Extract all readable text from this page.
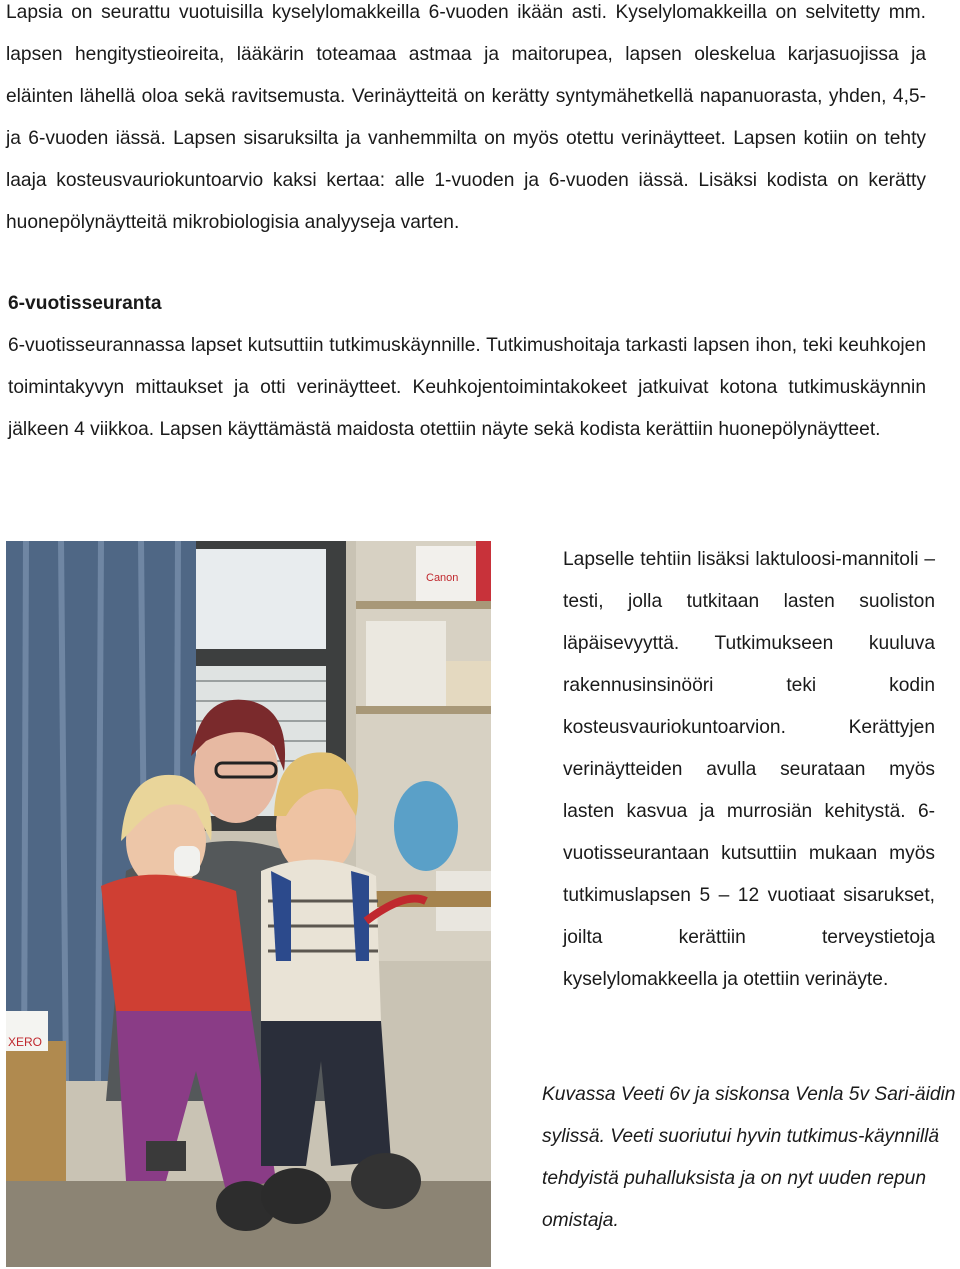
Lapsia on seurattu vuotuisilla kyselylomakkeilla 6-vuoden ikään asti. Kyselylomakkeilla on selvitetty mm. lapsen hengitystieoireita, lääkärin toteamaa astmaa ja maitorupea, lapsen oleskelua karjasuojissa ja eläinten lähellä oloa sekä ravitsemusta. Verinäytteitä on kerätty syntymähetkellä napanuorasta, yhden, 4,5- ja 6-vuoden iässä. Lapsen sisaruksilta ja vanhemmilta on myös otettu verinäytteet. Lapsen kotiin on tehty laaja kosteusvauriokuntoarvio kaksi kertaa: alle 1-vuoden ja 6-vuoden iässä. Lisäksi kodista on kerätty huonepölynäytteitä mikrobiologisia analyyseja varten.

6-vuotisseuranta

6-vuotisseurannassa lapset kutsuttiin tutkimuskäynnille. Tutkimushoitaja tarkasti lapsen ihon, teki keuhkojen toimintakyvyn mittaukset ja otti verinäytteet. Keuhkojentoimintakokeet jatkuivat kotona tutkimuskäynnin jälkeen 4 viikkoa. Lapsen käyttämästä maidosta otettiin näyte sekä kodista kerättiin huonepölynäytteet.

Canon
XERO

Lapselle tehtiin lisäksi laktuloosi-mannitoli –testi, jolla tutkitaan lasten suoliston läpäisevyyttä. Tutkimukseen kuuluva rakennusinsinööri teki kodin kosteusvauriokuntoarvion. Kerättyjen verinäytteiden avulla seurataan myös lasten kasvua ja murrosiän kehitystä. 6-vuotisseurantaan kutsuttiin mukaan myös tutkimuslapsen 5 – 12 vuotiaat sisarukset, joilta kerättiin terveystietoja kyselylomakkeella ja otettiin verinäyte.

Kuvassa Veeti 6v ja siskonsa Venla 5v Sari-äidin sylissä. Veeti suoriutui hyvin tutkimus-käynnillä tehdyistä puhalluksista ja on nyt uuden repun omistaja.
